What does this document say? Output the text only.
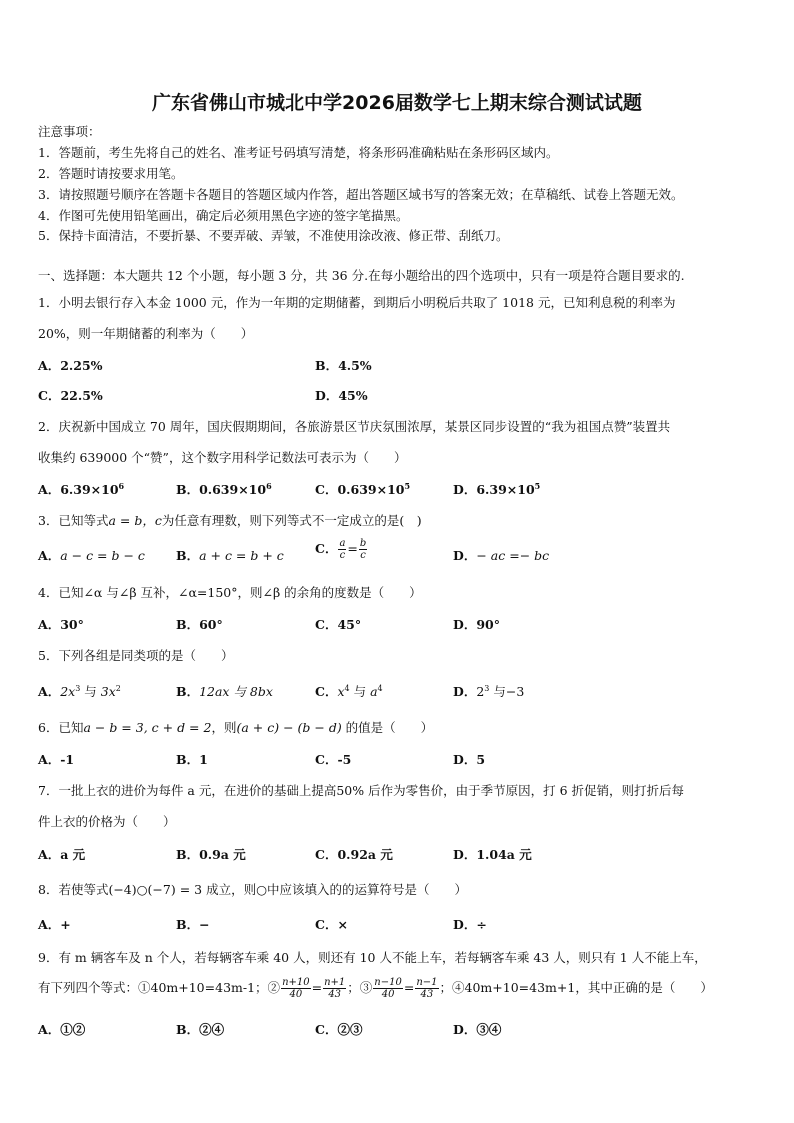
广东省佛山市城北中学2026届数学七上期末综合测试试题
注意事项：
1．答题前，考生先将自己的姓名、准考证号码填写清楚，将条形码准确粘贴在条形码区域内。
2．答题时请按要求用笔。
3．请按照题号顺序在答题卡各题目的答题区域内作答，超出答题区域书写的答案无效；在草稿纸、试卷上答题无效。
4．作图可先使用铅笔画出，确定后必须用黑色字迹的签字笔描黑。
5．保持卡面清洁，不要折暴、不要弄破、弄皱，不准使用涂改液、修正带、刮纸刀。
一、选择题：本大题共 12 个小题，每小题 3 分，共 36 分.在每小题给出的四个选项中，只有一项是符合题目要求的.
1．小明去银行存入本金 1000 元，作为一年期的定期储蓄，到期后小明税后共取了 1018 元，已知利息税的利率为
20%，则一年期储蓄的利率为（　　）
A．2.25%	B．4.5%
C．22.5%	D．45%
2．庆祝新中国成立 70 周年，国庆假期期间，各旅游景区节庆氛围浓厚，某景区同步设置的“我为祖国点赞”装置共
收集约 639000 个“赞”，这个数字用科学记数法可表示为（　　）
A．$6.39\times 10^6$	B．$0.639\times 10^6$	C．$0.639\times 10^5$	D．$6.39\times 10^5$
3．已知等式a = b，c为任意有理数，则下列等式不一定成立的是(　)
A．a − c = b − c B．a + c = b + c C． $\frac{a}{c} = \frac{b}{c}$	D．− ac =− bc
4．已知∠α 与∠β 互补，∠α=150°，则∠β 的余角的度数是（　　）
A．30°	B．60°	C．45°	D．90°
5．下列各组是同类项的是（　　）
A．$2x^3$ 与 $3x^2$	B．12ax 与 8bx	C．$x^4$ 与 $a^4$	D．$2^3$ 与−3
6．已知a − b = 3, c + d = 2，则(a + c) − (b − d) 的值是（　　）
A．-1	B．1	C．-5	D．5
7．一批上衣的进价为每件 a 元，在进价的基础上提高50% 后作为零售价，由于季节原因，打 6 折促销，则打折后每
件上衣的价格为（　　）
A．a 元	B．0.9a 元	C．0.92a 元	D．1.04a 元
8．若使等式(−4)○(−7) = 3 成立，则○中应该填入的的运算符号是（　　）
A．+	B．−	C．×	D．÷
9．有 m 辆客车及 n 个人，若每辆客车乘 40 人，则还有 10 人不能上车，若每辆客车乘 43 人，则只有 1 人不能上车，
有下列四个等式：①40m+10=43m-1；② $\frac{n+10}{40} = \frac{n+1}{43}$ ；③ $\frac{n-10}{40} = \frac{n-1}{43}$ ；④40m+10=43m+1，其中正确的是（　　）
A．①②	B．②④	C．②③	D．③④
